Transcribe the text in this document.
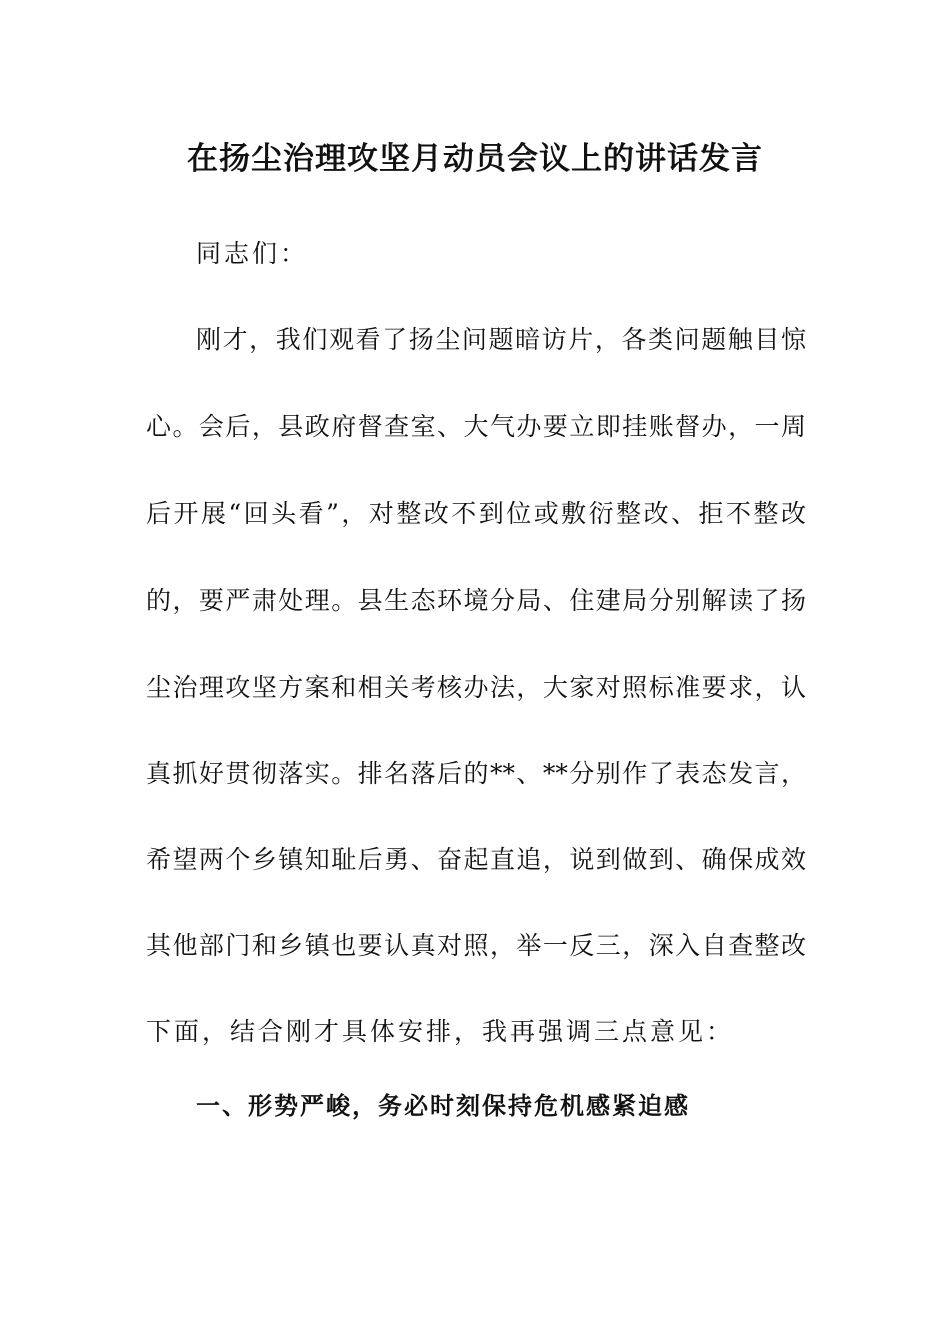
在扬尘治理攻坚月动员会议上的讲话发言
同志们：
刚才，我们观看了扬尘问题暗访片，各类问题触目惊
心。会后，县政府督查室、大气办要立即挂账督办，一周
后开展“回头看”，对整改不到位或敷衍整改、拒不整改
的，要严肃处理。县生态环境分局、住建局分别解读了扬
尘治理攻坚方案和相关考核办法，大家对照标准要求，认
真抓好贯彻落实。排名落后的**、**分别作了表态发言，
希望两个乡镇知耻后勇、奋起直追，说到做到、确保成效
其他部门和乡镇也要认真对照，举一反三，深入自查整改
下面，结合刚才具体安排，我再强调三点意见：
一、形势严峻，务必时刻保持危机感紧迫感
